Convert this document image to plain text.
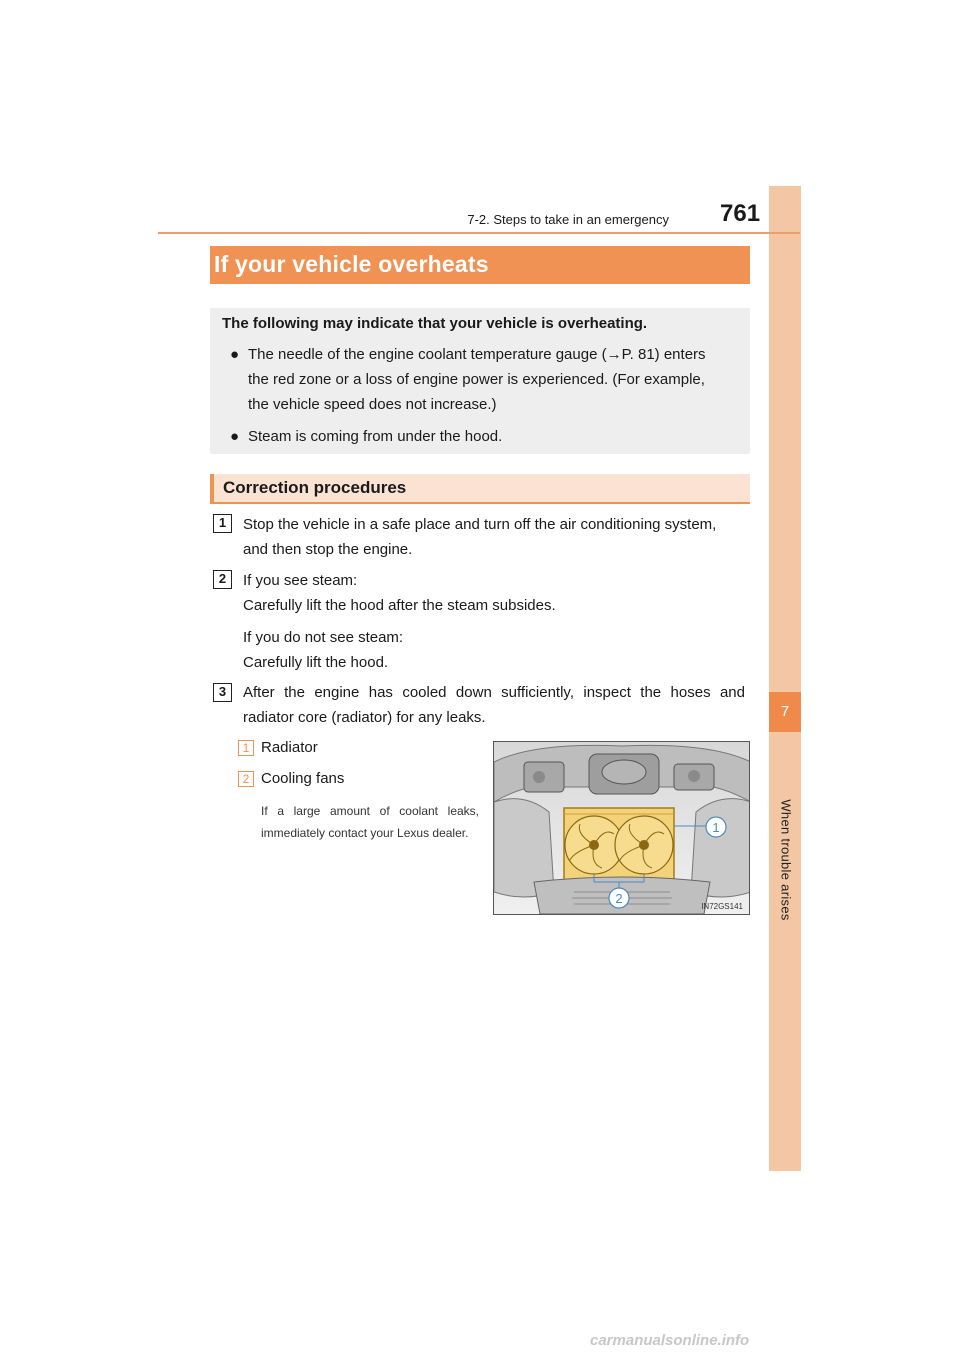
7
When trouble arises
7-2. Steps to take in an emergency 761
If your vehicle overheats
The following may indicate that your vehicle is overheating.
● The needle of the engine coolant temperature gauge (→P. 81) enters
the red zone or a loss of engine power is experienced. (For example,
the vehicle speed does not increase.)
● Steam is coming from under the hood.
Correction procedures
1	Stop the vehicle in a safe place and turn off the air conditioning system,
and then stop the engine.
2	If you see steam:
Carefully lift the hood after the steam subsides.
If you do not see steam:
Carefully lift the hood.
3	After the engine has cooled down sufficiently, inspect the hoses and
radiator core (radiator) for any leaks.
1 Radiator
2 Cooling fans
If a large amount of coolant leaks, immediately contact your Lexus dealer.	1
2
IN72GS141
carmanualsonline.info
